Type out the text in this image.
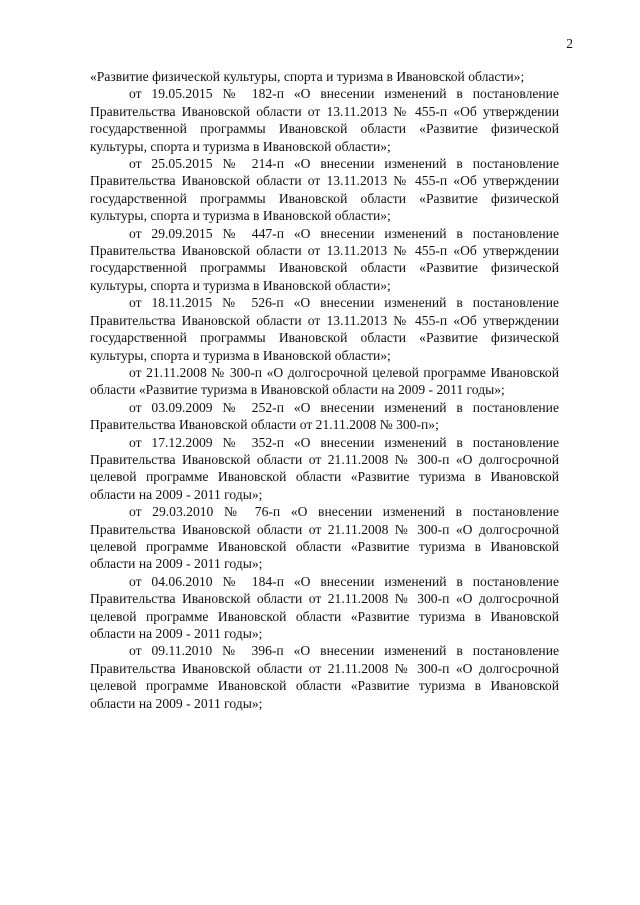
2

«Развитие физической культуры, спорта и туризма в Ивановской области»;

от 19.05.2015 № 182-п «О внесении изменений в постановление Правительства Ивановской области от 13.11.2013 № 455-п «Об утверждении государственной программы Ивановской области «Развитие физической культуры, спорта и туризма в Ивановской области»;

от 25.05.2015 № 214-п «О внесении изменений в постановление Правительства Ивановской области от 13.11.2013 № 455-п «Об утверждении государственной программы Ивановской области «Развитие физической культуры, спорта и туризма в Ивановской области»;

от 29.09.2015 № 447-п «О внесении изменений в постановление Правительства Ивановской области от 13.11.2013 № 455-п «Об утверждении государственной программы Ивановской области «Развитие физической культуры, спорта и туризма в Ивановской области»;

от 18.11.2015 № 526-п «О внесении изменений в постановление Правительства Ивановской области от 13.11.2013 № 455-п «Об утверждении государственной программы Ивановской области «Развитие физической культуры, спорта и туризма в Ивановской области»;

от 21.11.2008 № 300-п «О долгосрочной целевой программе Ивановской области «Развитие туризма в Ивановской области на 2009 - 2011 годы»;

от 03.09.2009 № 252-п «О внесении изменений в постановление Правительства Ивановской области от 21.11.2008 № 300-п»;

от 17.12.2009 № 352-п «О внесении изменений в постановление Правительства Ивановской области от 21.11.2008 № 300-п «О долгосрочной целевой программе Ивановской области «Развитие туризма в Ивановской области на 2009 - 2011 годы»;

от 29.03.2010 № 76-п «О внесении изменений в постановление Правительства Ивановской области от 21.11.2008 № 300-п «О долгосрочной целевой программе Ивановской области «Развитие туризма в Ивановской области на 2009 - 2011 годы»;

от 04.06.2010 № 184-п «О внесении изменений в постановление Правительства Ивановской области от 21.11.2008 № 300-п «О долгосрочной целевой программе Ивановской области «Развитие туризма в Ивановской области на 2009 - 2011 годы»;

от 09.11.2010 № 396-п «О внесении изменений в постановление Правительства Ивановской области от 21.11.2008 № 300-п «О долгосрочной целевой программе Ивановской области «Развитие туризма в Ивановской области на 2009 - 2011 годы»;
